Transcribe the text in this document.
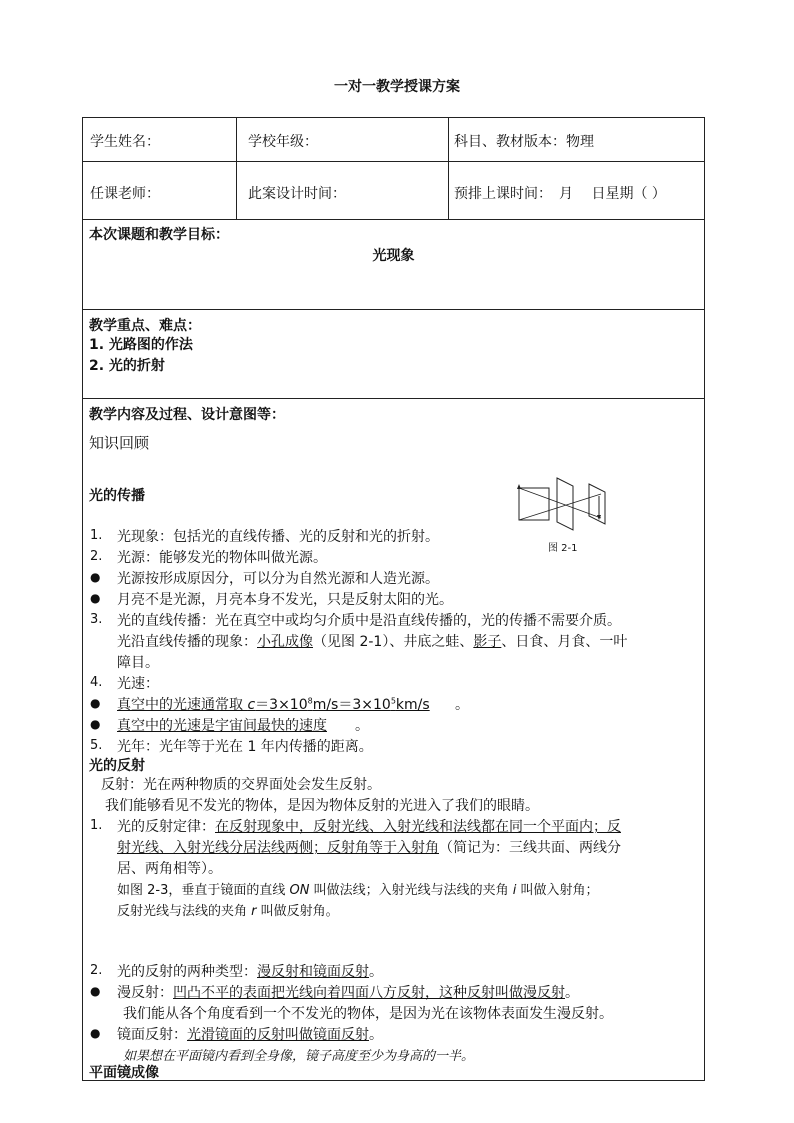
一对一教学授课方案
学生姓名：	学校年级：	科目、教材版本：物理
任课老师：	此案设计时间：	预排上课时间：　月　 日星期（ ）
本次课题和教学目标：
光现象
教学重点、难点：
1. 光路图的作法
2. 光的折射
教学内容及过程、设计意图等：
知识回顾
光的传播
图 2-1
1. 光现象：包括光的直线传播、光的反射和光的折射。
2. 光源：能够发光的物体叫做光源。
● 光源按形成原因分，可以分为自然光源和人造光源。
● 月亮不是光源，月亮本身不发光，只是反射太阳的光。
3. 光的直线传播：光在真空中或均匀介质中是沿直线传播的，光的传播不需要介质。
光沿直线传播的现象：小孔成像（见图 2-1）、井底之蛙、影子、日食、月食、一叶
障目。
4. 光速：
● 真空中的光速通常取 $c=3\times 10^8m/s=3\times 10^5km/s$ 。
● 真空中的光速是宇宙间最快的速度 。
5. 光年：光年等于光在 1 年内传播的距离。
光的反射
反射：光在两种物质的交界面处会发生反射。
我们能够看见不发光的物体，是因为物体反射的光进入了我们的眼睛。
1. 光的反射定律：在反射现象中，反射光线、入射光线和法线都在同一个平面内；反
射光线、入射光线分居法线两侧；反射角等于入射角（简记为：三线共面、两线分
居、两角相等）。
如图 2-3，垂直于镜面的直线 ON 叫做法线；入射光线与法线的夹角 i 叫做入射角；
反射光线与法线的夹角 r 叫做反射角。
2. 光的反射的两种类型：漫反射和镜面反射。
● 漫反射：凹凸不平的表面把光线向着四面八方反射，这种反射叫做漫反射。
我们能从各个角度看到一个不发光的物体，是因为光在该物体表面发生漫反射。
● 镜面反射：光滑镜面的反射叫做镜面反射。
如果想在平面镜内看到全身像，镜子高度至少为身高的一半。
平面镜成像
